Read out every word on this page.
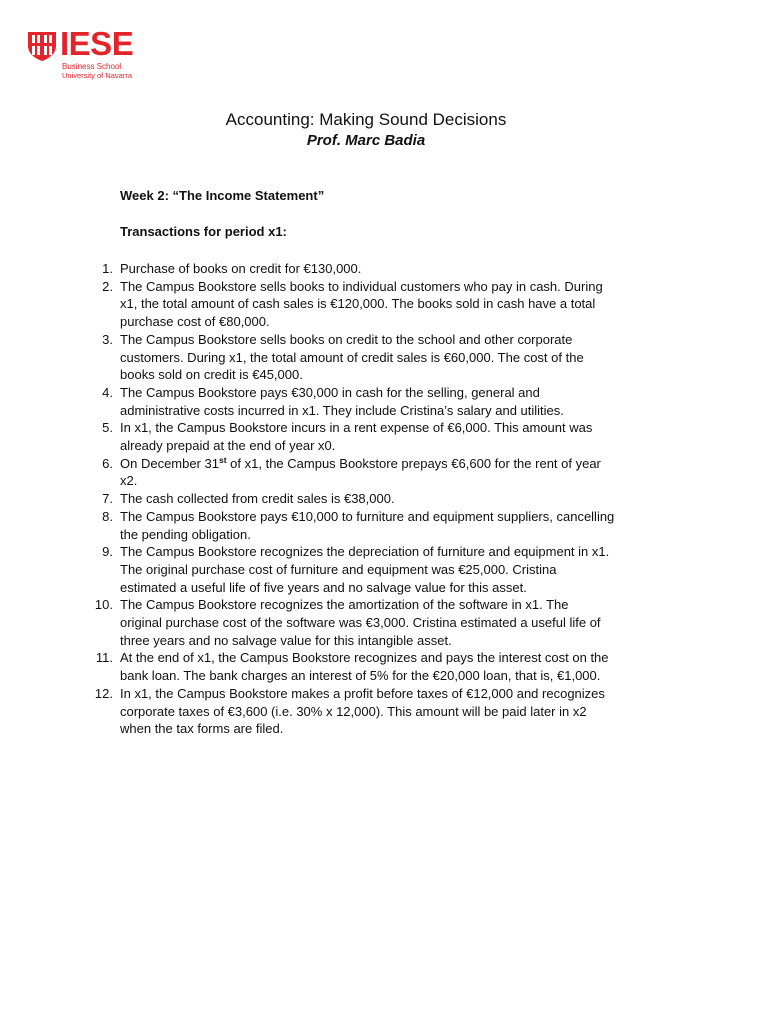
IESE
Business School
University of Navarra
Accounting: Making Sound Decisions
Prof. Marc Badia
Week 2: “The Income Statement”
Transactions for period x1:
1. Purchase of books on credit for €130,000.
2. The Campus Bookstore sells books to individual customers who pay in cash. During
x1, the total amount of cash sales is €120,000. The books sold in cash have a total
purchase cost of €80,000.
3. The Campus Bookstore sells books on credit to the school and other corporate
customers. During x1, the total amount of credit sales is €60,000. The cost of the
books sold on credit is €45,000.
4. The Campus Bookstore pays €30,000 in cash for the selling, general and
administrative costs incurred in x1. They include Cristina’s salary and utilities.
5. In x1, the Campus Bookstore incurs in a rent expense of €6,000. This amount was
already prepaid at the end of year x0.
6. On December 31st of x1, the Campus Bookstore prepays €6,600 for the rent of year
x2.
7. The cash collected from credit sales is €38,000.
8. The Campus Bookstore pays €10,000 to furniture and equipment suppliers, cancelling
the pending obligation.
9. The Campus Bookstore recognizes the depreciation of furniture and equipment in x1.
The original purchase cost of furniture and equipment was €25,000. Cristina
estimated a useful life of five years and no salvage value for this asset.
10. The Campus Bookstore recognizes the amortization of the software in x1. The
original purchase cost of the software was €3,000. Cristina estimated a useful life of
three years and no salvage value for this intangible asset.
11. At the end of x1, the Campus Bookstore recognizes and pays the interest cost on the
bank loan. The bank charges an interest of 5% for the €20,000 loan, that is, €1,000.
12. In x1, the Campus Bookstore makes a profit before taxes of €12,000 and recognizes
corporate taxes of €3,600 (i.e. 30% x 12,000). This amount will be paid later in x2
when the tax forms are filed.
